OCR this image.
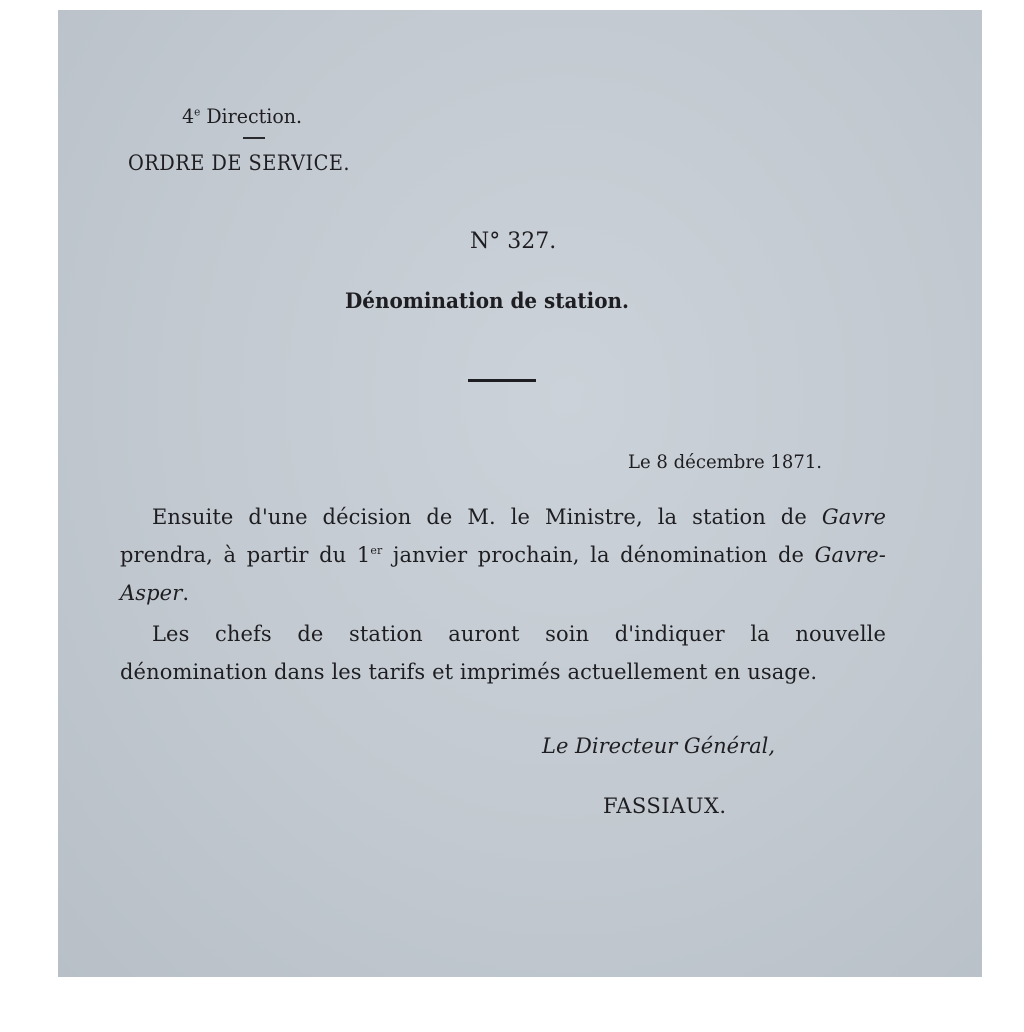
4e Direction.
ORDRE DE SERVICE.
N° 327.
Dénomination de station.
Le 8 décembre 1871.
Ensuite d'une décision de M. le Ministre, la station de Gavre prendra, à partir du 1er janvier prochain, la dénomination de Gavre-Asper.
Les chefs de station auront soin d'indiquer la nouvelle dénomination dans les tarifs et imprimés actuellement en usage.
Le Directeur Général,
FASSIAUX.
